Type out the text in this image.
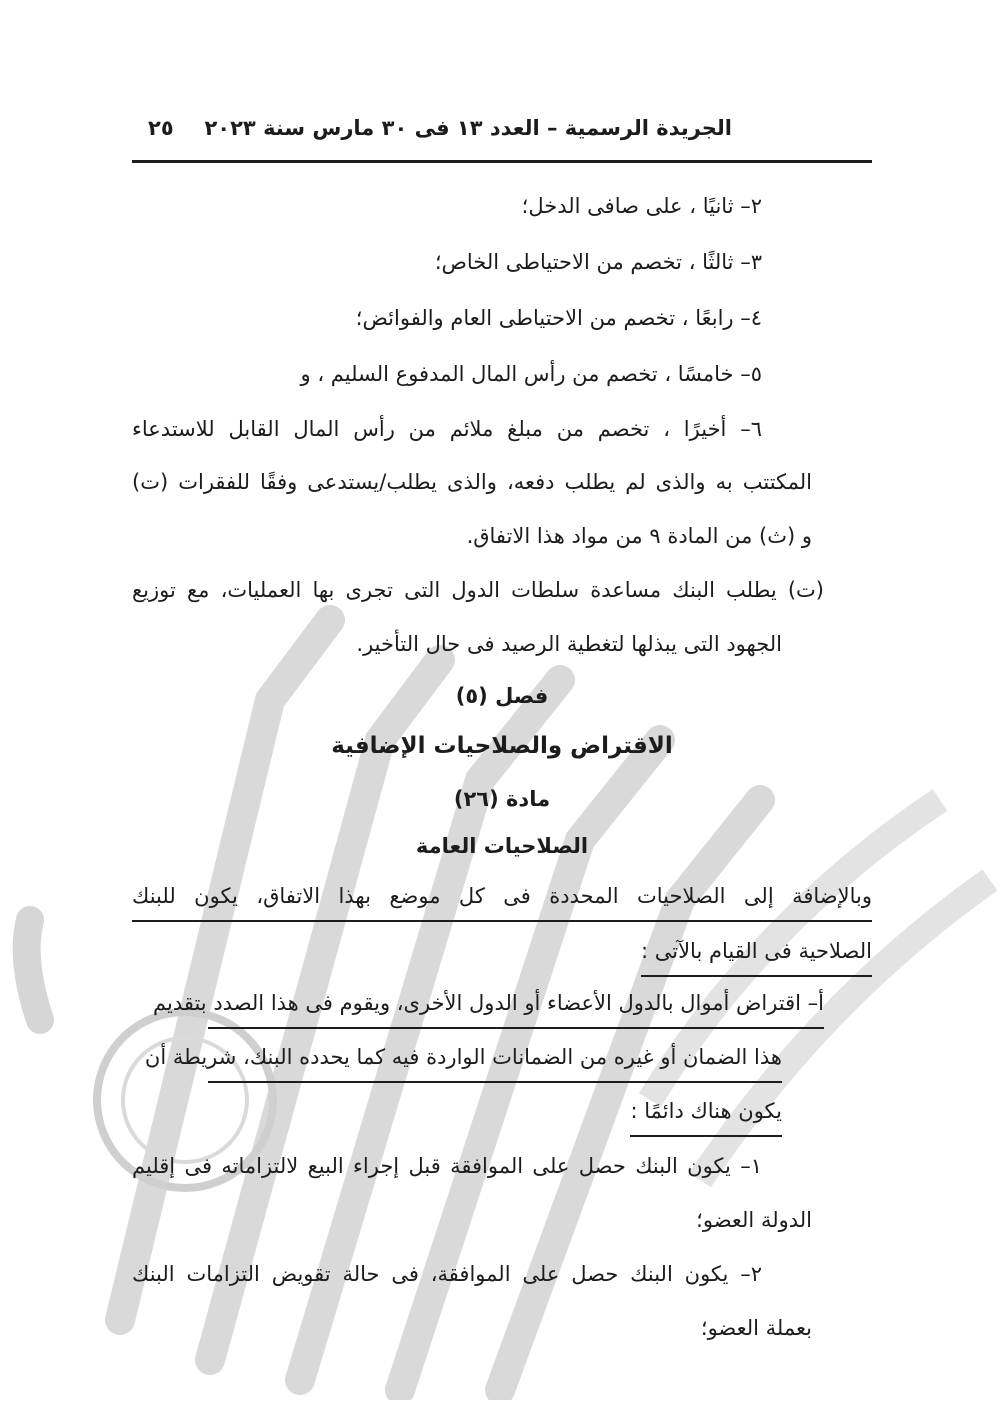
الجريدة الرسمية – العدد ١٣ فى ٣٠ مارس سنة ٢٠٢٣
٢٥
٢– ثانيًا ، على صافى الدخل؛
٣– ثالثًا ، تخصم من الاحتياطى الخاص؛
٤– رابعًا ، تخصم من الاحتياطى العام والفوائض؛
٥– خامسًا ، تخصم من رأس المال المدفوع السليم ، و
٦– أخيرًا ، تخصم من مبلغ ملائم من رأس المال القابل للاستدعاء
المكتتب به والذى لم يطلب دفعه، والذى يطلب/يستدعى وفقًا للفقرات (ت)
و (ث) من المادة ٩ من مواد هذا الاتفاق.
(ت) يطلب البنك مساعدة سلطات الدول التى تجرى بها العمليات، مع توزيع
الجهود التى يبذلها لتغطية الرصيد فى حال التأخير.
فصل (٥)
الاقتراض والصلاحيات الإضافية
مادة (٢٦)
الصلاحيات العامة
وبالإضافة إلى الصلاحيات المحددة فى كل موضع بهذا الاتفاق، يكون للبنك
الصلاحية فى القيام بالآتى :
أ– اقتراض أموال بالدول الأعضاء أو الدول الأخرى، ويقوم فى هذا الصدد بتقديم
هذا الضمان أو غيره من الضمانات الواردة فيه كما يحدده البنك، شريطة أن
يكون هناك دائمًا :
١– يكون البنك حصل على الموافقة قبل إجراء البيع لالتزاماته فى إقليم
الدولة العضو؛
٢– يكون البنك حصل على الموافقة، فى حالة تقويض التزامات البنك
بعملة العضو؛
